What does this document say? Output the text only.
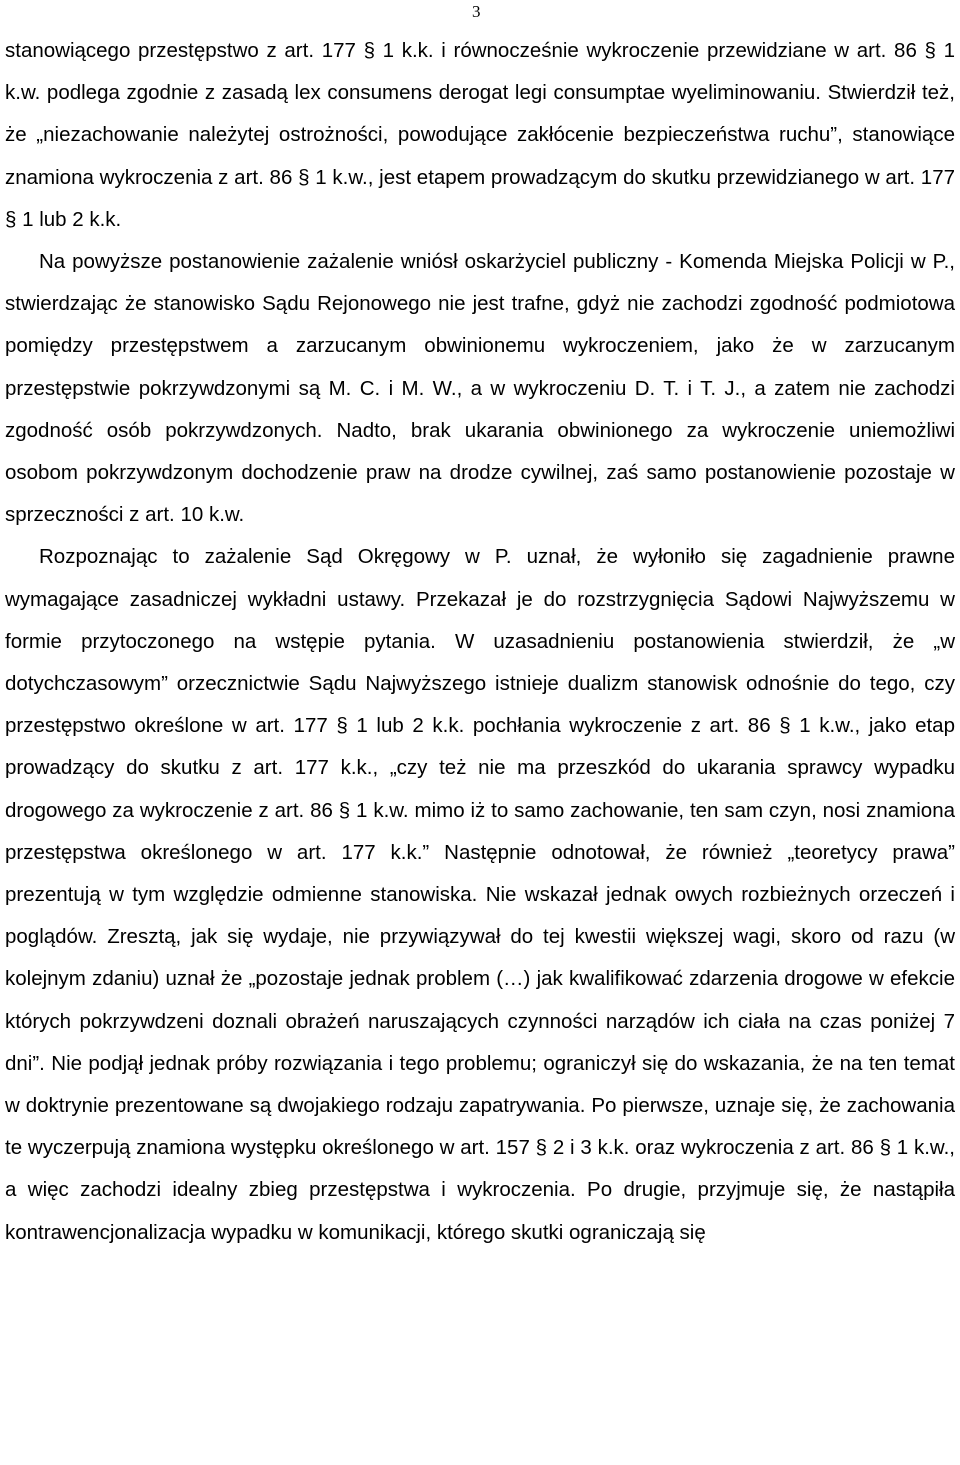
3

stanowiącego przestępstwo z art. 177 § 1 k.k. i równocześnie wykroczenie przewidziane w art. 86 § 1 k.w. podlega zgodnie z zasadą lex consumens derogat legi consumptae wyeliminowaniu. Stwierdził też, że „niezachowanie należytej ostrożności, powodujące zakłócenie bezpieczeństwa ruchu”, stanowiące znamiona wykroczenia z art. 86 § 1 k.w., jest etapem prowadzącym do skutku przewidzianego w art. 177 § 1 lub 2 k.k.

Na powyższe postanowienie zażalenie wniósł oskarżyciel publiczny - Komenda Miejska Policji w P., stwierdzając że stanowisko Sądu Rejonowego nie jest trafne, gdyż nie zachodzi zgodność podmiotowa pomiędzy przestępstwem a zarzucanym obwinionemu wykroczeniem, jako że w zarzucanym przestępstwie pokrzywdzonymi są M. C. i M. W., a w wykroczeniu D. T. i T. J., a zatem nie zachodzi zgodność osób pokrzywdzonych. Nadto, brak ukarania obwinionego za wykroczenie uniemożliwi osobom pokrzywdzonym dochodzenie praw na drodze cywilnej, zaś samo postanowienie pozostaje w sprzeczności z art. 10 k.w.

Rozpoznając to zażalenie Sąd Okręgowy w P. uznał, że wyłoniło się zagadnienie prawne wymagające zasadniczej wykładni ustawy. Przekazał je do rozstrzygnięcia Sądowi Najwyższemu w formie przytoczonego na wstępie pytania. W uzasadnieniu postanowienia stwierdził, że „w dotychczasowym” orzecznictwie Sądu Najwyższego istnieje dualizm stanowisk odnośnie do tego, czy przestępstwo określone w art. 177 § 1 lub 2 k.k. pochłania wykroczenie z art. 86 § 1 k.w., jako etap prowadzący do skutku z art. 177 k.k., „czy też nie ma przeszkód do ukarania sprawcy wypadku drogowego za wykroczenie z art. 86 § 1 k.w. mimo iż to samo zachowanie, ten sam czyn, nosi znamiona przestępstwa określonego w art. 177 k.k.” Następnie odnotował, że również „teoretycy prawa” prezentują w tym względzie odmienne stanowiska. Nie wskazał jednak owych rozbieżnych orzeczeń i poglądów. Zresztą, jak się wydaje, nie przywiązywał do tej kwestii większej wagi, skoro od razu (w kolejnym zdaniu) uznał że „pozostaje jednak problem (…) jak kwalifikować zdarzenia drogowe w efekcie których pokrzywdzeni doznali obrażeń naruszających czynności narządów ich ciała na czas poniżej 7 dni”. Nie podjął jednak próby rozwiązania i tego problemu; ograniczył się do wskazania, że na ten temat w doktrynie prezentowane są dwojakiego rodzaju zapatrywania. Po pierwsze, uznaje się, że zachowania te wyczerpują znamiona występku określonego w art. 157 § 2 i 3 k.k. oraz wykroczenia z art. 86 § 1 k.w., a więc zachodzi idealny zbieg przestępstwa i wykroczenia. Po drugie, przyjmuje się, że nastąpiła kontrawencjonalizacja wypadku w komunikacji, którego skutki ograniczają się
